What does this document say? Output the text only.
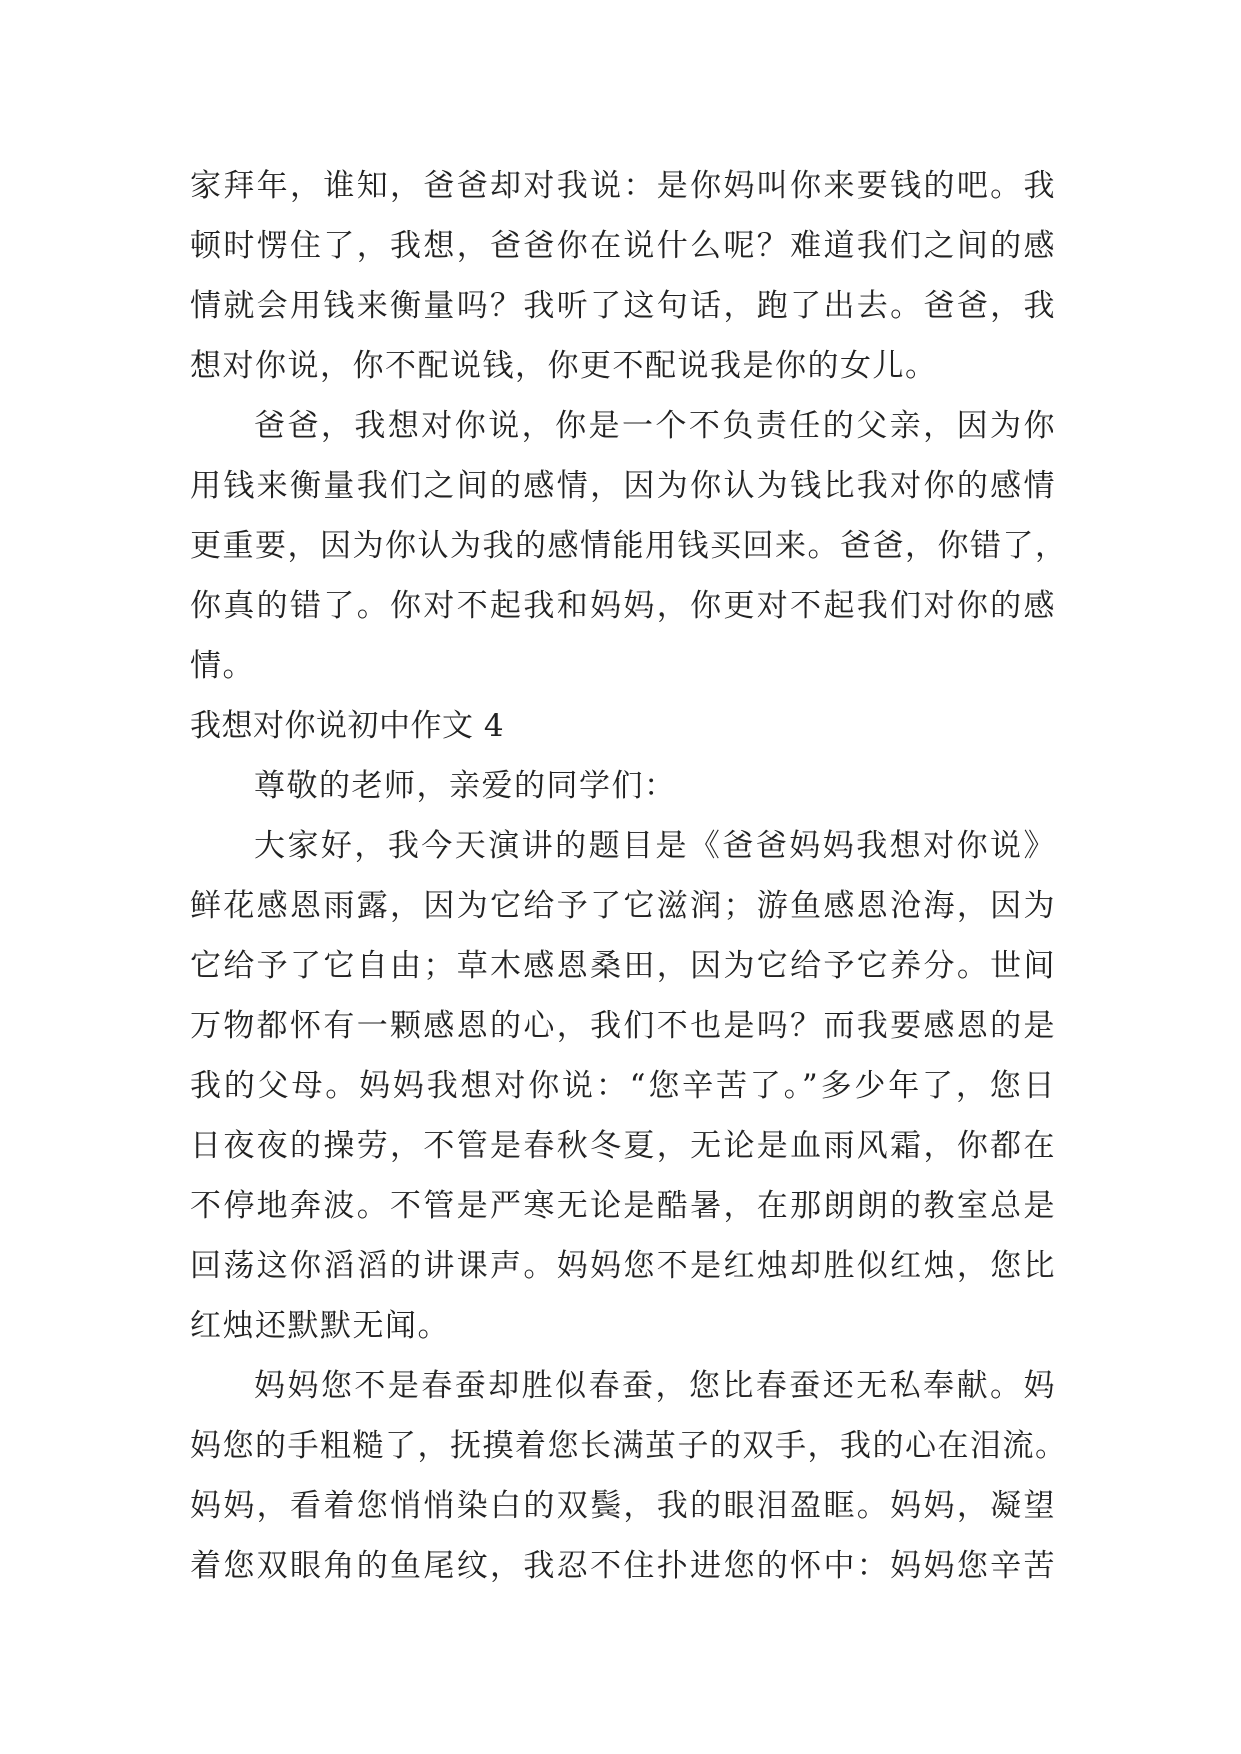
家拜年，谁知，爸爸却对我说：是你妈叫你来要钱的吧。我
顿时愣住了，我想，爸爸你在说什么呢？难道我们之间的感
情就会用钱来衡量吗？我听了这句话，跑了出去。爸爸，我
想对你说，你不配说钱，你更不配说我是你的女儿。
爸爸，我想对你说，你是一个不负责任的父亲，因为你
用钱来衡量我们之间的感情，因为你认为钱比我对你的感情
更重要，因为你认为我的感情能用钱买回来。爸爸，你错了，
你真的错了。你对不起我和妈妈，你更对不起我们对你的感
情。
我想对你说初中作文 4
尊敬的老师，亲爱的同学们：
大家好，我今天演讲的题目是《爸爸妈妈我想对你说》
鲜花感恩雨露，因为它给予了它滋润；游鱼感恩沧海，因为
它给予了它自由；草木感恩桑田，因为它给予它养分。世间
万物都怀有一颗感恩的心，我们不也是吗？而我要感恩的是
我的父母。妈妈我想对你说：“您辛苦了。”多少年了，您日
日夜夜的操劳，不管是春秋冬夏，无论是血雨风霜，你都在
不停地奔波。不管是严寒无论是酷暑，在那朗朗的教室总是
回荡这你滔滔的讲课声。妈妈您不是红烛却胜似红烛，您比
红烛还默默无闻。
妈妈您不是春蚕却胜似春蚕，您比春蚕还无私奉献。妈
妈您的手粗糙了，抚摸着您长满茧子的双手，我的心在泪流。
妈妈，看着您悄悄染白的双鬓，我的眼泪盈眶。妈妈，凝望
着您双眼角的鱼尾纹，我忍不住扑进您的怀中：妈妈您辛苦
